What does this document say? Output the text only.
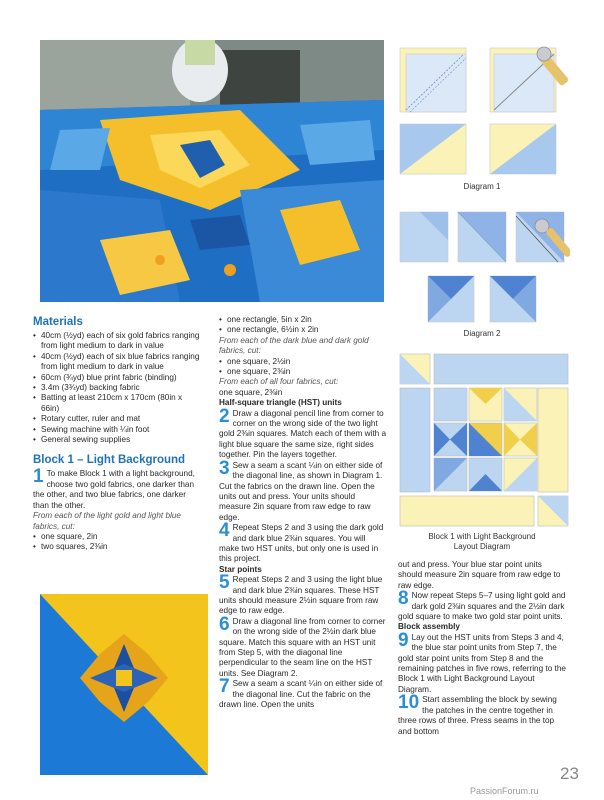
Materials
• 40cm (½yd) each of six gold fabrics ranging from light medium to dark in value
• 40cm (½yd) each of six blue fabrics ranging from light medium to dark in value
• 60cm (¾yd) blue print fabric (binding)
• 3.4m (3¾yd) backing fabric
• Batting at least 210cm x 170cm (80in x 66in)
• Rotary cutter, ruler and mat
• Sewing machine with ¼in foot
• General sewing supplies
Block 1 – Light Background
1 To make Block 1 with a light background, choose two gold fabrics, one darker than the other, and two blue fabrics, one darker than the other.

From each of the light gold and light blue fabrics, cut:

• one square, 2in
• two squares, 2⅜in
• one rectangle, 5in x 2in
• one rectangle, 6½in x 2in

From each of the dark blue and dark gold fabrics, cut:

• one square, 2½in
• one square, 2⅜in

From each of all four fabrics, cut:

one square, 2⅜in

Half-square triangle (HST) units

2 Draw a diagonal pencil line from corner to corner on the wrong side of the two light gold 2⅜in squares. Match each of them with a light blue square the same size, right sides together. Pin the layers together.

3 Sew a seam a scant ¼in on either side of the diagonal line, as shown in Diagram 1. Cut the fabrics on the drawn line. Open the units out and press. Your units should measure 2in square from raw edge to raw edge.

4 Repeat Steps 2 and 3 using the dark gold and dark blue 2⅜in squares. You will make two HST units, but only one is used in this project.

Star points

5 Repeat Steps 2 and 3 using the light blue and dark blue 2⅜in squares. These HST units should measure 2½in square from raw edge to raw edge.

6 Draw a diagonal line from corner to corner on the wrong side of the 2½in dark blue square. Match this square with an HST unit from Step 5, with the diagonal line perpendicular to the seam line on the HST units. See Diagram 2.

7 Sew a seam a scant ¼in on either side of the diagonal line. Cut the fabric on the drawn line. Open the units

Diagram 1
Diagram 2
Block 1 with Light Background
Layout Diagram

out and press. Your blue star point units should measure 2in square from raw edge to raw edge.

8 Now repeat Steps 5–7 using light gold and dark gold 2⅜in squares and the 2½in dark gold square to make two gold star point units.

Block assembly

9 Lay out the HST units from Steps 3 and 4, the blue star point units from Step 7, the gold star point units from Step 8 and the remaining patches in five rows, referring to the Block 1 with Light Background Layout Diagram.

10 Start assembling the block by sewing the patches in the centre together in three rows of three. Press seams in the top and bottom

23
PassionForum.ru
